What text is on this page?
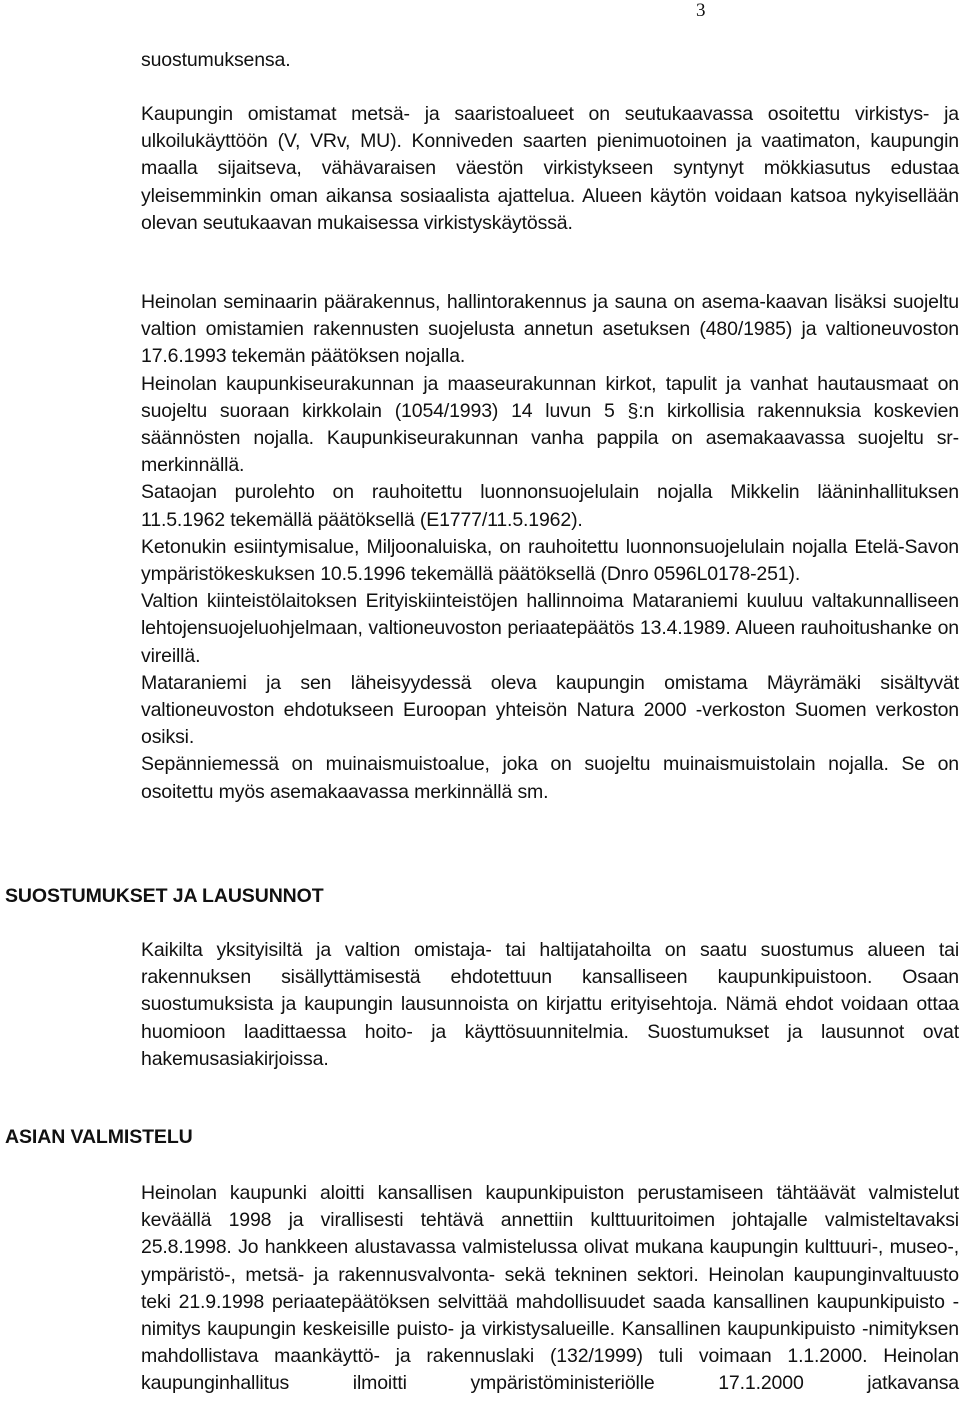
3

suostumuksensa.

Kaupungin omistamat metsä- ja saaristoalueet on seutukaavassa osoitettu virkistys- ja ulkoilukäyttöön (V, VRv, MU). Konniveden saarten pienimuotoinen ja vaatimaton, kaupungin maalla sijaitseva, vähävaraisen väestön virkistykseen syntynyt mökkiasutus edustaa yleisemminkin oman aikansa sosiaalista ajattelua. Alueen käytön voidaan katsoa nykyisellään olevan seutukaavan mukaisessa virkistyskäytössä.

Heinolan seminaarin päärakennus, hallintorakennus ja sauna on asema-kaavan lisäksi suojeltu valtion omistamien rakennusten suojelusta annetun asetuksen (480/1985) ja valtioneuvoston 17.6.1993 tekemän päätöksen nojalla.

Heinolan kaupunkiseurakunnan ja maaseurakunnan kirkot, tapulit ja vanhat hautausmaat on suojeltu suoraan kirkkolain (1054/1993) 14 luvun 5 §:n kirkollisia rakennuksia koskevien säännösten nojalla. Kaupunkiseurakunnan vanha pappila on asemakaavassa suojeltu sr-merkinnällä.

Sataojan purolehto on rauhoitettu luonnonsuojelulain nojalla Mikkelin lääninhallituksen 11.5.1962 tekemällä päätöksellä (E1777/11.5.1962).

Ketonukin esiintymisalue, Miljoonaluiska, on rauhoitettu luonnonsuojelulain nojalla Etelä-Savon ympäristökeskuksen 10.5.1996 tekemällä päätöksellä (Dnro 0596L0178-251).

Valtion kiinteistölaitoksen Erityiskiinteistöjen hallinnoima Mataraniemi kuuluu valtakunnalliseen lehtojensuojeluohjelmaan, valtioneuvoston periaatepäätös 13.4.1989. Alueen rauhoitushanke on vireillä.

Mataraniemi ja sen läheisyydessä oleva kaupungin omistama Mäyrämäki sisältyvät valtioneuvoston ehdotukseen Euroopan yhteisön Natura 2000 -verkoston Suomen verkoston osiksi.

Sepänniemessä on muinaismuistoalue, joka on suojeltu muinaismuistolain nojalla. Se on osoitettu myös asemakaavassa merkinnällä sm.

SUOSTUMUKSET JA LAUSUNNOT

Kaikilta yksityisiltä ja valtion omistaja- tai haltijatahoilta on saatu suostumus alueen tai rakennuksen sisällyttämisestä ehdotettuun kansalliseen kaupunkipuistoon. Osaan suostumuksista ja kaupungin lausunnoista on kirjattu erityisehtoja. Nämä ehdot voidaan ottaa huomioon laadittaessa hoito- ja käyttösuunnitelmia. Suostumukset ja lausunnot ovat hakemusasiakirjoissa.

ASIAN VALMISTELU

Heinolan kaupunki aloitti kansallisen kaupunkipuiston perustamiseen tähtäävät valmistelut keväällä 1998 ja virallisesti tehtävä annettiin kulttuuritoimen johtajalle valmisteltavaksi 25.8.1998. Jo hankkeen alustavassa valmistelussa olivat mukana kaupungin kulttuuri-, museo-, ympäristö-, metsä- ja rakennusvalvonta- sekä tekninen sektori. Heinolan kaupunginvaltuusto teki 21.9.1998 periaatepäätöksen selvittää mahdollisuudet saada kansallinen kaupunkipuisto -nimitys kaupungin keskeisille puisto- ja virkistysalueille. Kansallinen kaupunkipuisto -nimityksen mahdollistava maankäyttö- ja rakennuslaki (132/1999) tuli voimaan 1.1.2000. Heinolan kaupunginhallitus ilmoitti ympäristöministeriölle 17.1.2000 jatkavansa
